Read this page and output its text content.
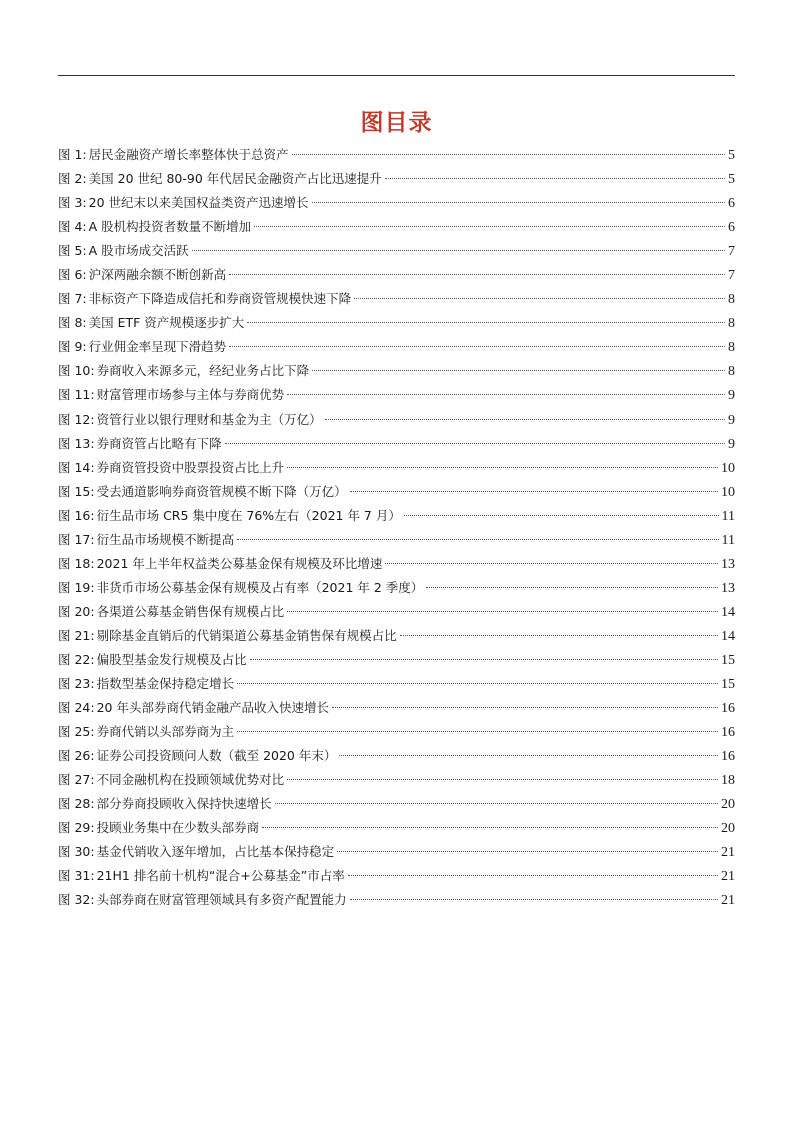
图目录
图 1: 居民金融资产增长率整体快于总资产	5
图 2: 美国 20 世纪 80-90 年代居民金融资产占比迅速提升	5
图 3: 20 世纪末以来美国权益类资产迅速增长	6
图 4: A 股机构投资者数量不断增加	6
图 5: A 股市场成交活跃	7
图 6: 沪深两融余额不断创新高	7
图 7: 非标资产下降造成信托和券商资管规模快速下降	8
图 8: 美国 ETF 资产规模逐步扩大	8
图 9: 行业佣金率呈现下滑趋势	8
图 10: 券商收入来源多元，经纪业务占比下降	8
图 11: 财富管理市场参与主体与券商优势	9
图 12: 资管行业以银行理财和基金为主（万亿）	9
图 13: 券商资管占比略有下降	9
图 14: 券商资管投资中股票投资占比上升	10
图 15: 受去通道影响券商资管规模不断下降（万亿）	10
图 16: 衍生品市场 CR5 集中度在 76%左右（2021 年 7 月）	11
图 17: 衍生品市场规模不断提高	11
图 18: 2021 年上半年权益类公募基金保有规模及环比增速	13
图 19: 非货币市场公募基金保有规模及占有率（2021 年 2 季度）	13
图 20: 各渠道公募基金销售保有规模占比	14
图 21: 剔除基金直销后的代销渠道公募基金销售保有规模占比	14
图 22: 偏股型基金发行规模及占比	15
图 23: 指数型基金保持稳定增长	15
图 24: 20 年头部券商代销金融产品收入快速增长	16
图 25: 券商代销以头部券商为主	16
图 26: 证券公司投资顾问人数（截至 2020 年末）	16
图 27: 不同金融机构在投顾领域优势对比	18
图 28: 部分券商投顾收入保持快速增长	20
图 29: 投顾业务集中在少数头部券商	20
图 30: 基金代销收入逐年增加，占比基本保持稳定	21
图 31: 21H1 排名前十机构“混合+公募基金”市占率	21
图 32: 头部券商在财富管理领域具有多资产配置能力	21
